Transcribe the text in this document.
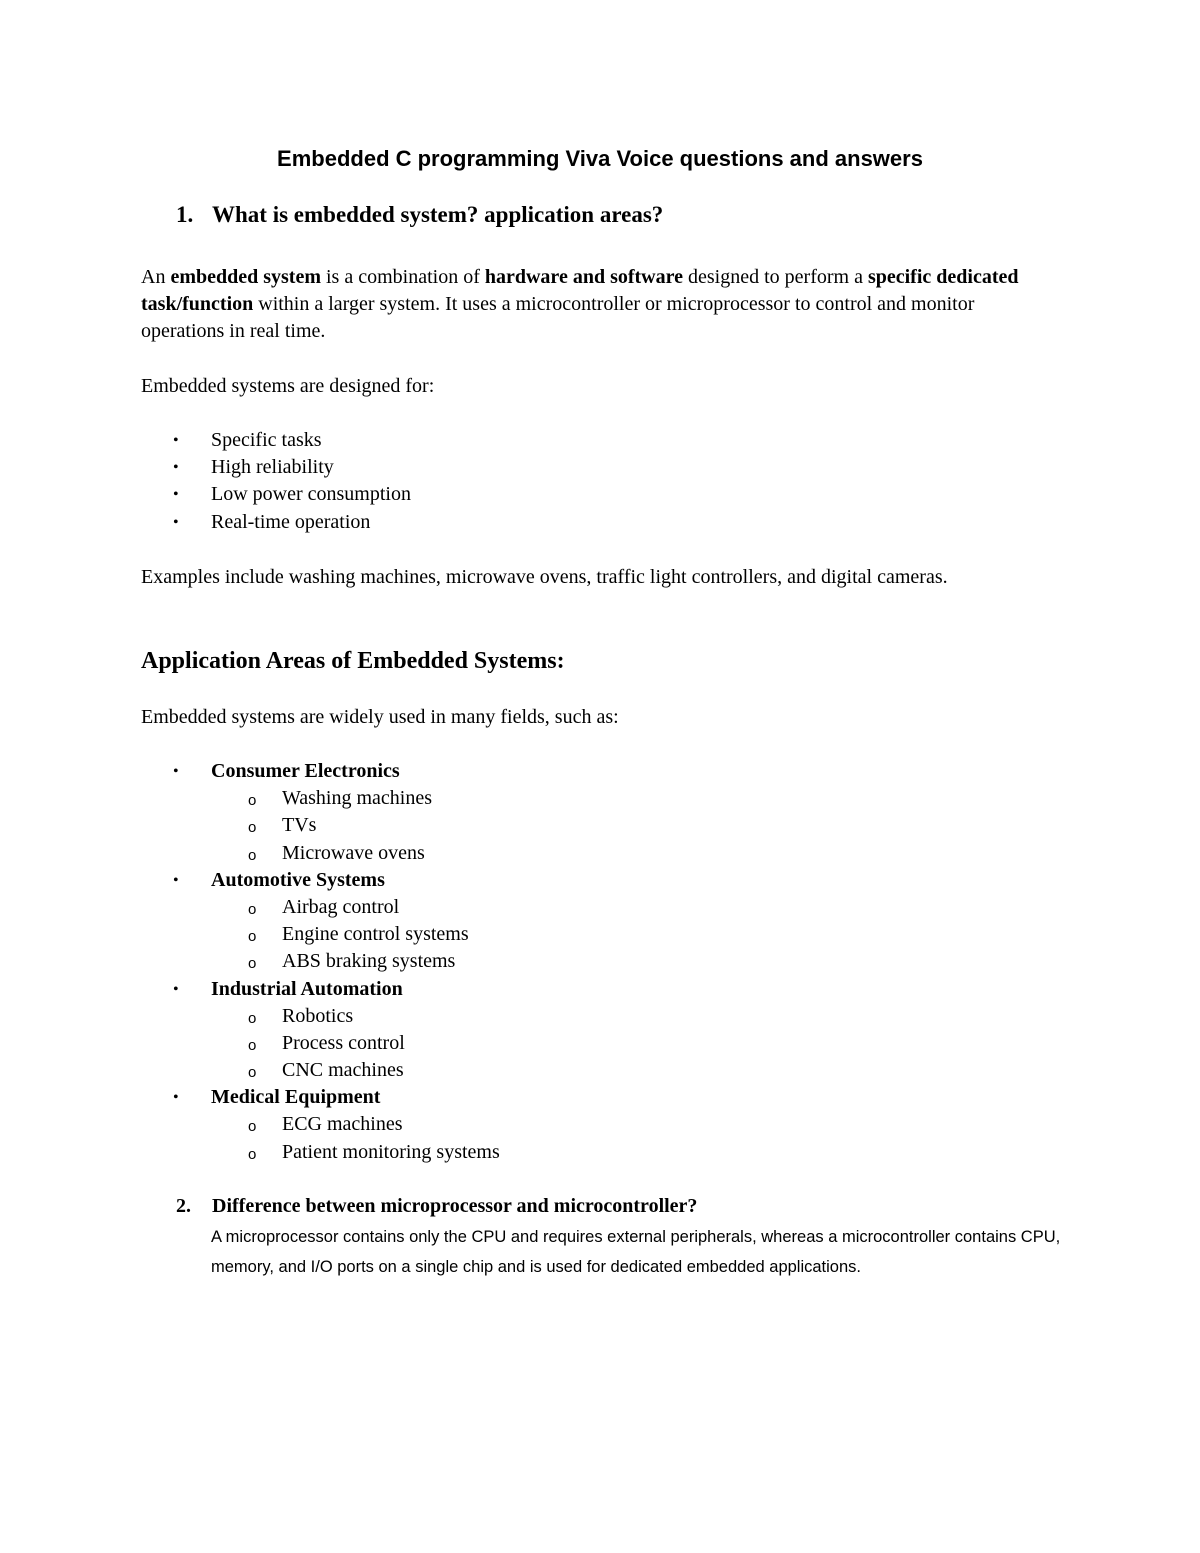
Embedded C programming Viva Voice questions and answers
1. What is embedded system? application areas?
An embedded system is a combination of hardware and software designed to perform a specific dedicated task/function within a larger system. It uses a microcontroller or microprocessor to control and monitor operations in real time.
Embedded systems are designed for:
•	Specific tasks
•	High reliability
•	Low power consumption
•	Real-time operation
Examples include washing machines, microwave ovens, traffic light controllers, and digital cameras.
Application Areas of Embedded Systems:
Embedded systems are widely used in many fields, such as:
•	Consumer Electronics
o Washing machines
o TVs
o Microwave ovens
•	Automotive Systems
o Airbag control
o Engine control systems
o ABS braking systems
•	Industrial Automation
o Robotics
o Process control
o CNC machines
•	Medical Equipment
o ECG machines
o Patient monitoring systems
2. Difference between microprocessor and microcontroller?
A microprocessor contains only the CPU and requires external peripherals, whereas a microcontroller contains CPU, memory, and I/O ports on a single chip and is used for dedicated embedded applications.
